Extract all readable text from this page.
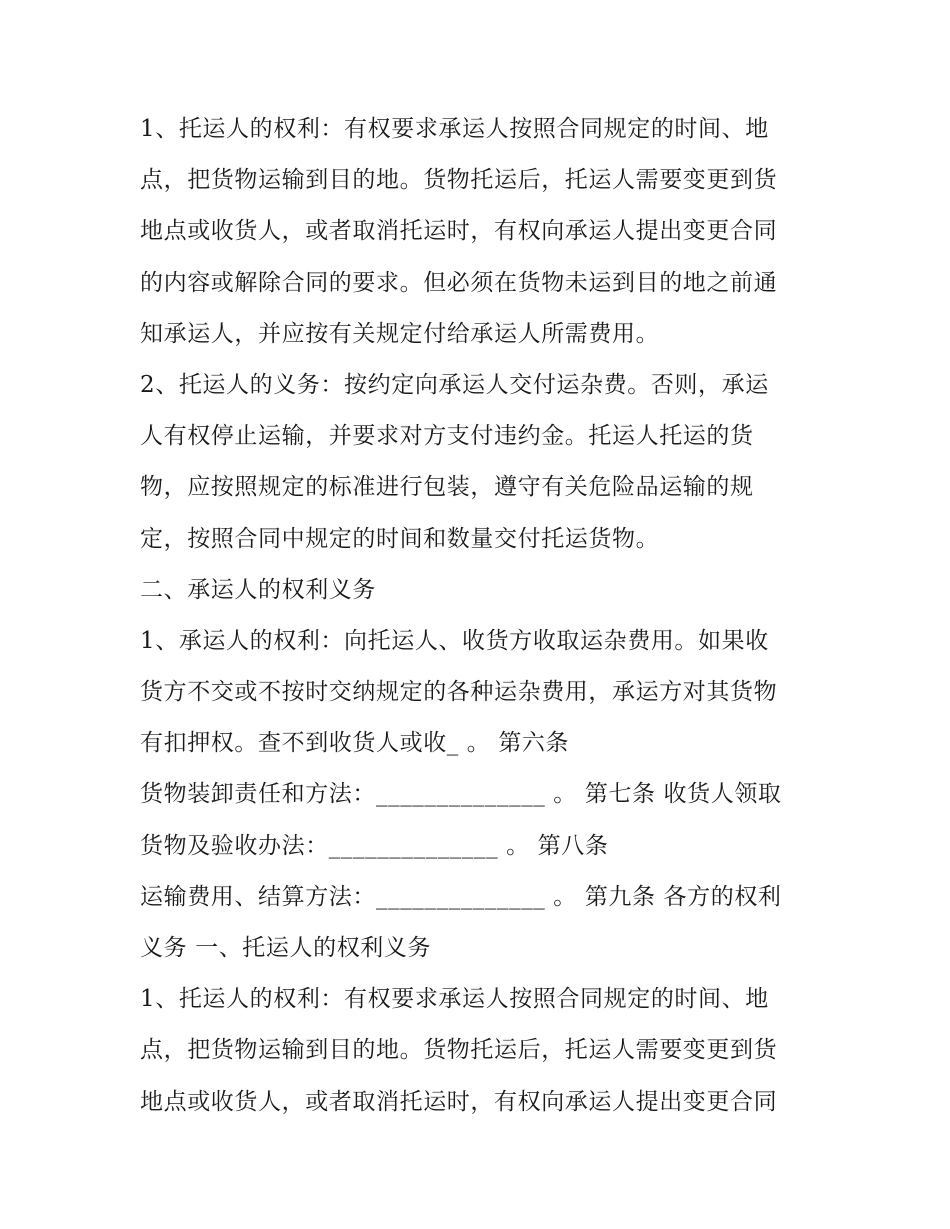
1、托运人的权利：有权要求承运人按照合同规定的时间、地

点，把货物运输到目的地。货物托运后，托运人需要变更到货

地点或收货人，或者取消托运时，有权向承运人提出变更合同

的内容或解除合同的要求。但必须在货物未运到目的地之前通

知承运人，并应按有关规定付给承运人所需费用。

2、托运人的义务：按约定向承运人交付运杂费。否则，承运

人有权停止运输，并要求对方支付违约金。托运人托运的货

物，应按照规定的标准进行包装，遵守有关危险品运输的规

定，按照合同中规定的时间和数量交付托运货物。

二、承运人的权利义务

1、承运人的权利：向托运人、收货方收取运杂费用。如果收

货方不交或不按时交纳规定的各种运杂费用，承运方对其货物

有扣押权。查不到收货人或收_ 。 第六条

货物装卸责任和方法：______________ 。 第七条 收货人领取

货物及验收办法：______________ 。 第八条

运输费用、结算方法：______________ 。 第九条 各方的权利

义务 一、托运人的权利义务

1、托运人的权利：有权要求承运人按照合同规定的时间、地

点，把货物运输到目的地。货物托运后，托运人需要变更到货

地点或收货人，或者取消托运时，有权向承运人提出变更合同
